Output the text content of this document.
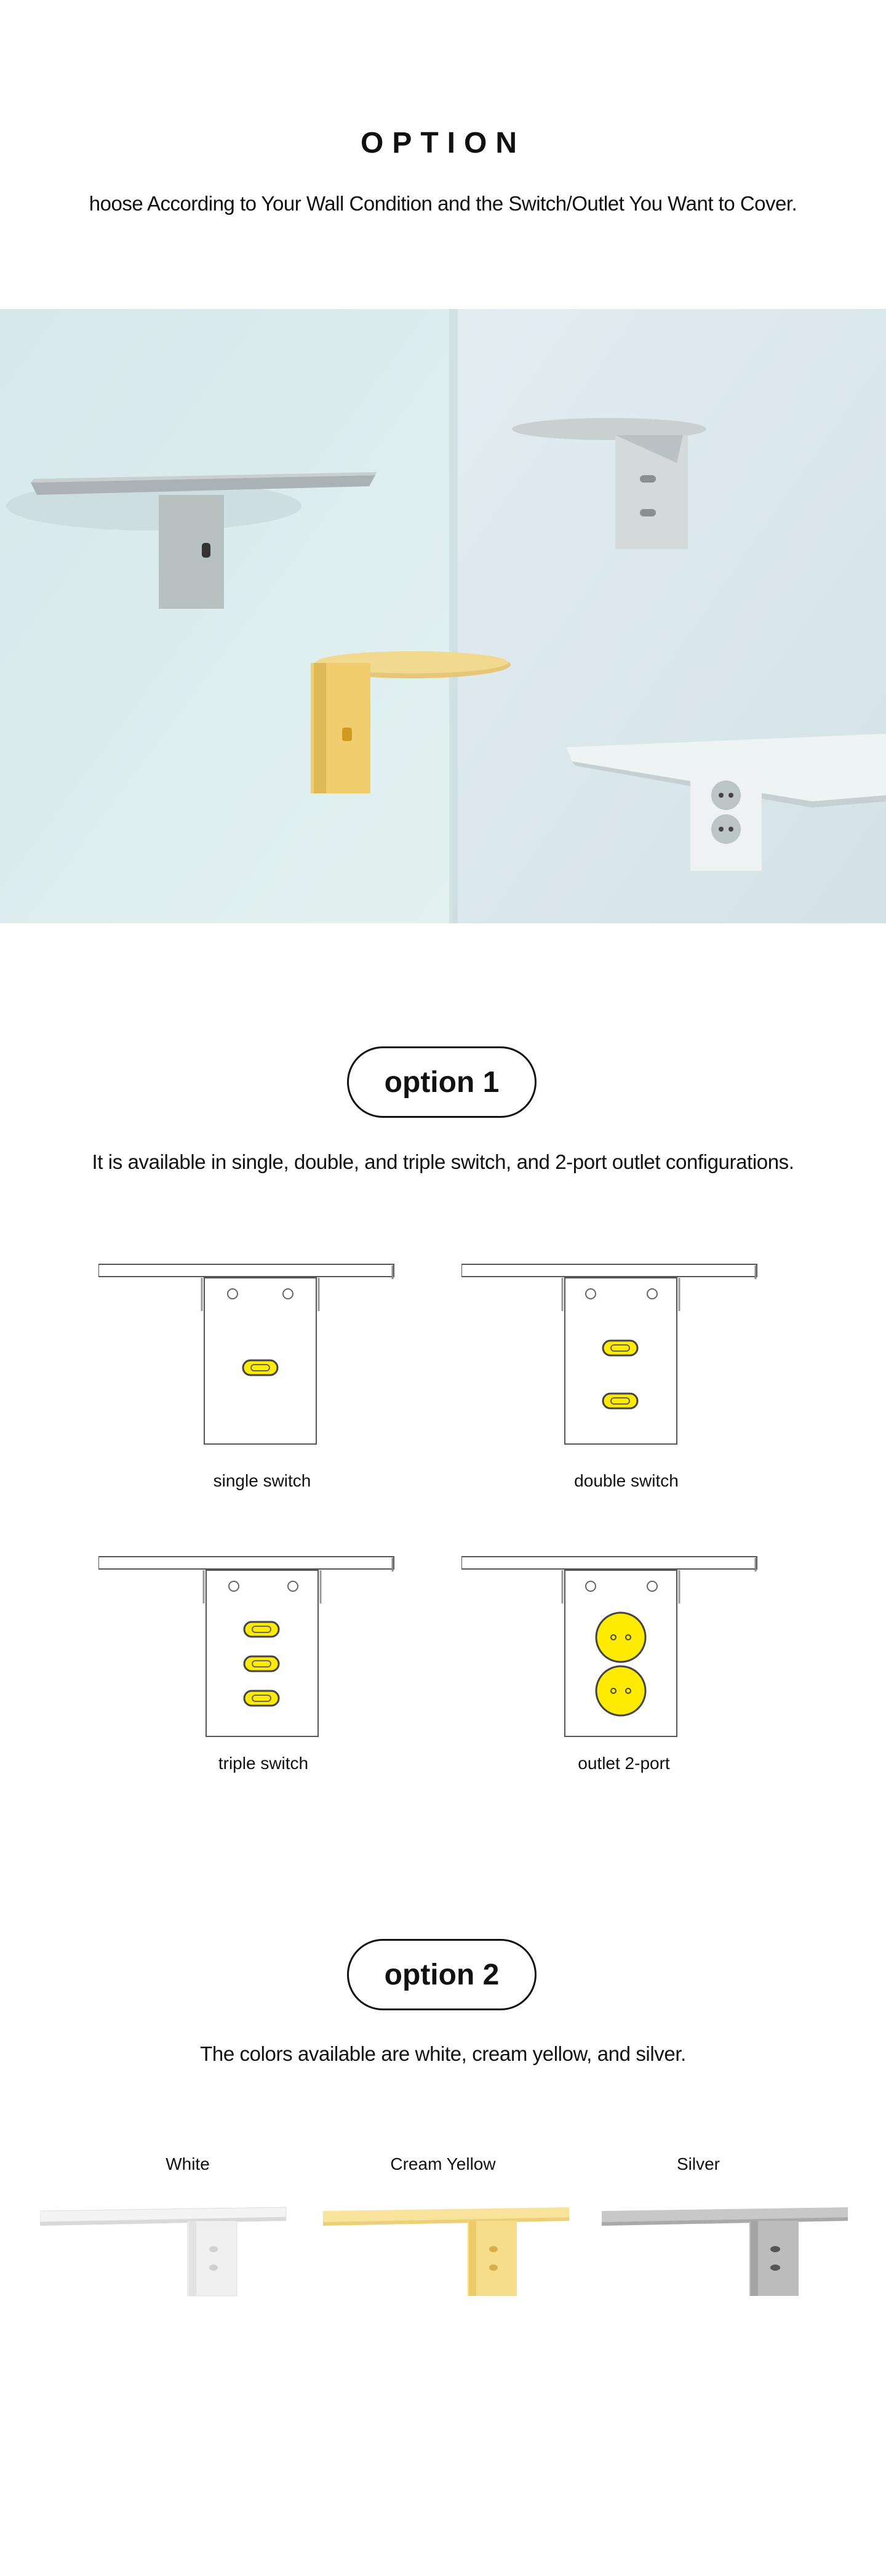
OPTION
hoose According to Your Wall Condition and the Switch/Outlet You Want to Cover.
option 1
It is available in single, double, and triple switch, and 2-port outlet configurations.
single switch	double switch
triple switch	outlet 2-port
option 2
The colors available are white, cream yellow, and silver.
White	Cream Yellow	Silver
